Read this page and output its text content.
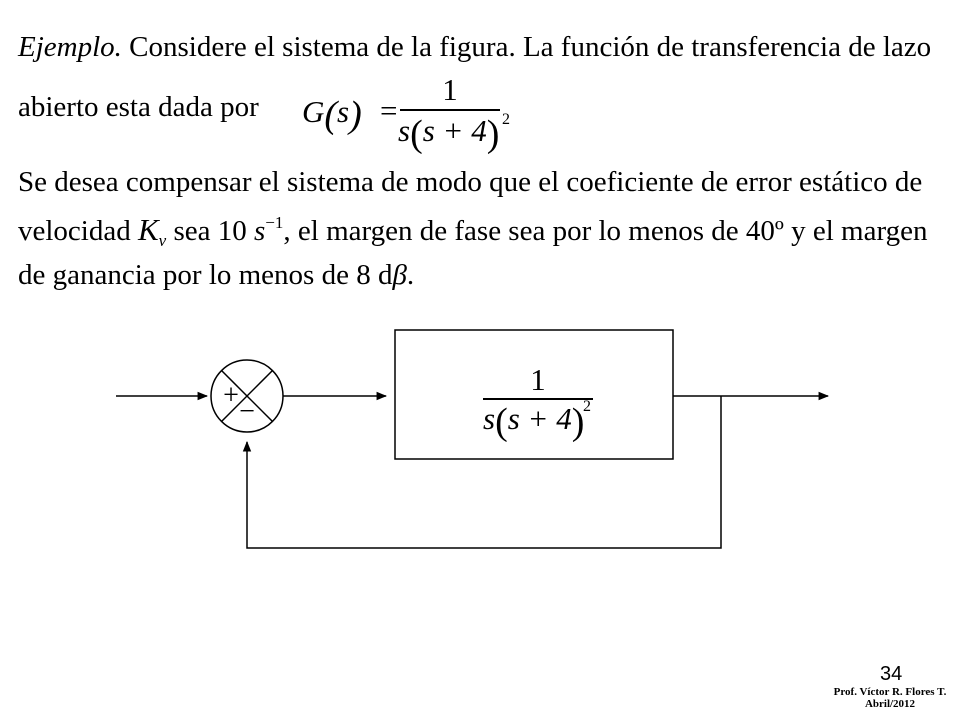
Ejemplo. Considere el sistema de la figura. La función de transferencia de lazo
abierto esta dada por G(s) =
1
s(s + 4) 2
Se desea compensar el sistema de modo que el coeficiente de error estático de
velocidad $K_v$ sea 10 $s^{-1}$, el margen de fase sea por lo menos de 40º y el margen
de ganancia por lo menos de 8 dβ.
+
−
1
s(s + 4)
2
34
Prof. Víctor R. Flores T.
Abril/2012
